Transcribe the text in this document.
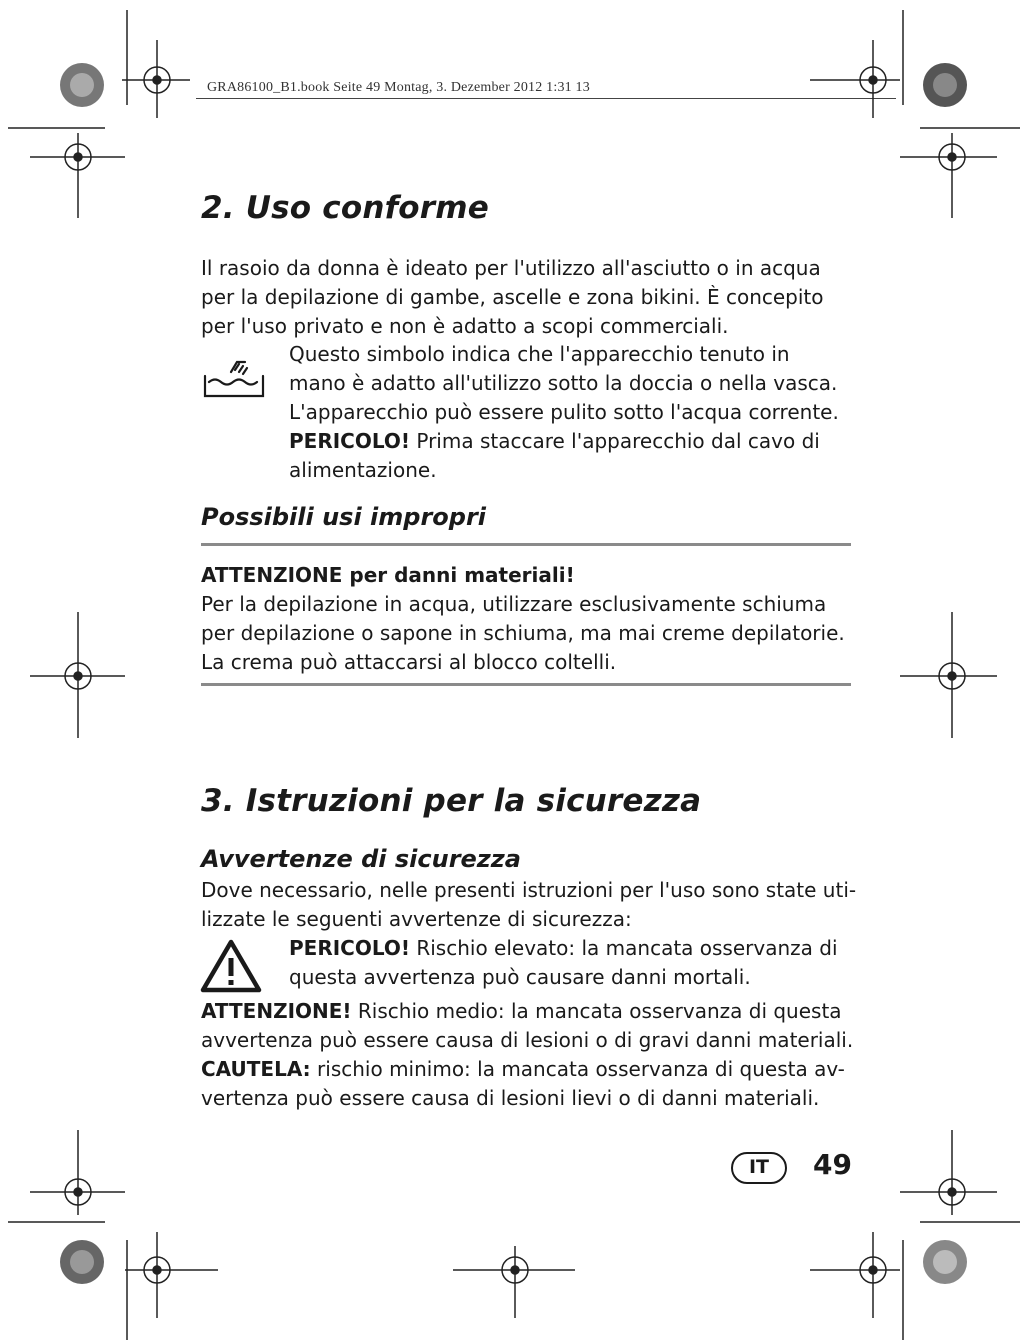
GRA86100_B1.book Seite 49 Montag, 3. Dezember 2012 1:31 13
2. Uso conforme

Il rasoio da donna è ideato per l'utilizzo all'asciutto o in acqua

per la depilazione di gambe, ascelle e zona bikini. È concepito

per l'uso privato e non è adatto a scopi commerciali.

Questo simbolo indica che l'apparecchio tenuto in

mano è adatto all'utilizzo sotto la doccia o nella vasca.

L'apparecchio può essere pulito sotto l'acqua corrente.

PERICOLO! Prima staccare l'apparecchio dal cavo di

alimentazione.

Possibili usi impropri

ATTENZIONE per danni materiali!

Per la depilazione in acqua, utilizzare esclusivamente schiuma

per depilazione o sapone in schiuma, ma mai creme depilatorie.

La crema può attaccarsi al blocco coltelli.

3. Istruzioni per la sicurezza
Avvertenze di sicurezza

Dove necessario, nelle presenti istruzioni per l'uso sono state uti-

lizzate le seguenti avvertenze di sicurezza:

PERICOLO! Rischio elevato: la mancata osservanza di

questa avvertenza può causare danni mortali.

ATTENZIONE! Rischio medio: la mancata osservanza di questa

avvertenza può essere causa di lesioni o di gravi danni materiali.

CAUTELA: rischio minimo: la mancata osservanza di questa av-

vertenza può essere causa di lesioni lievi o di danni materiali.

IT	49
